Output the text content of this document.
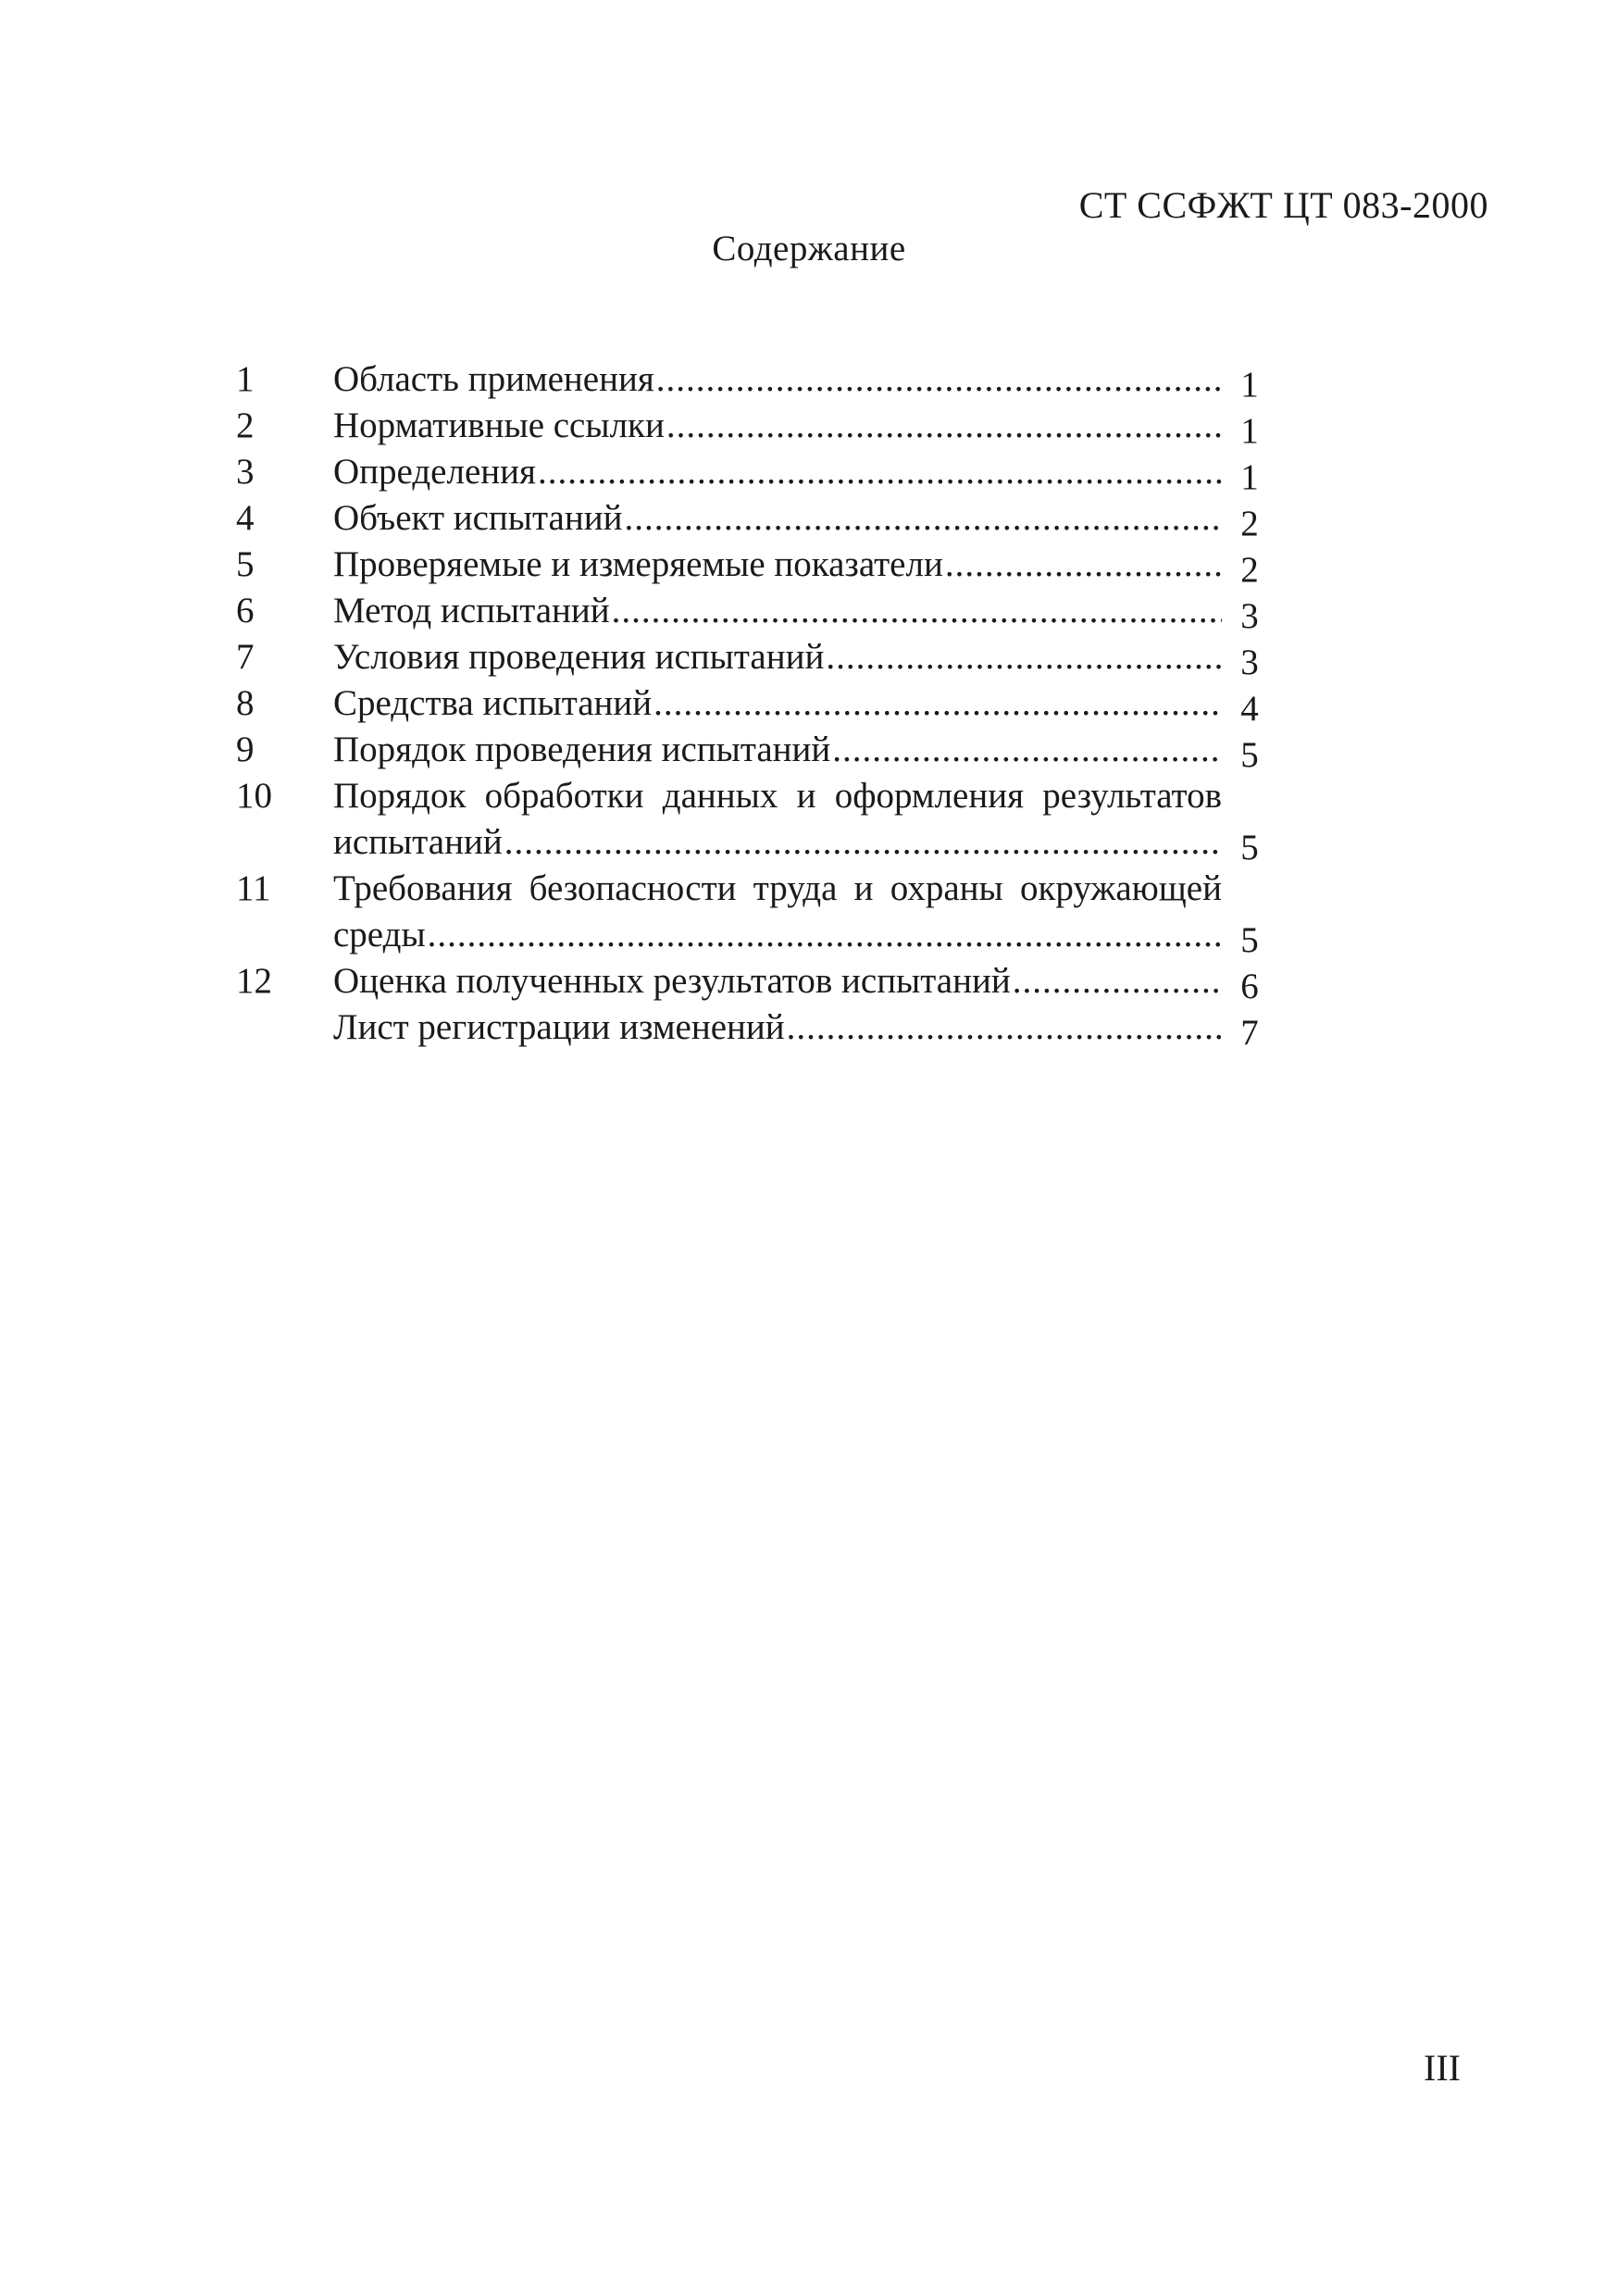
СТ ССФЖТ ЦТ 083-2000
Содержание
1	Область применения .....	1
2	Нормативные ссылки .....	1
3	Определения .....	1
4	Объект испытаний .....	2
5	Проверяемые и измеряемые показатели .....	2
6	Метод испытаний .....	3
7	Условия проведения испытаний .....	3
8	Средства испытаний .....	4
9	Порядок проведения испытаний .....	5
10	Порядок обработки данных и оформления результатов
испытаний .....	5
11	Требования безопасности труда и охраны окружающей
среды .....	5
12	Оценка полученных результатов испытаний .....	6
Лист регистрации изменений .....	7
III
